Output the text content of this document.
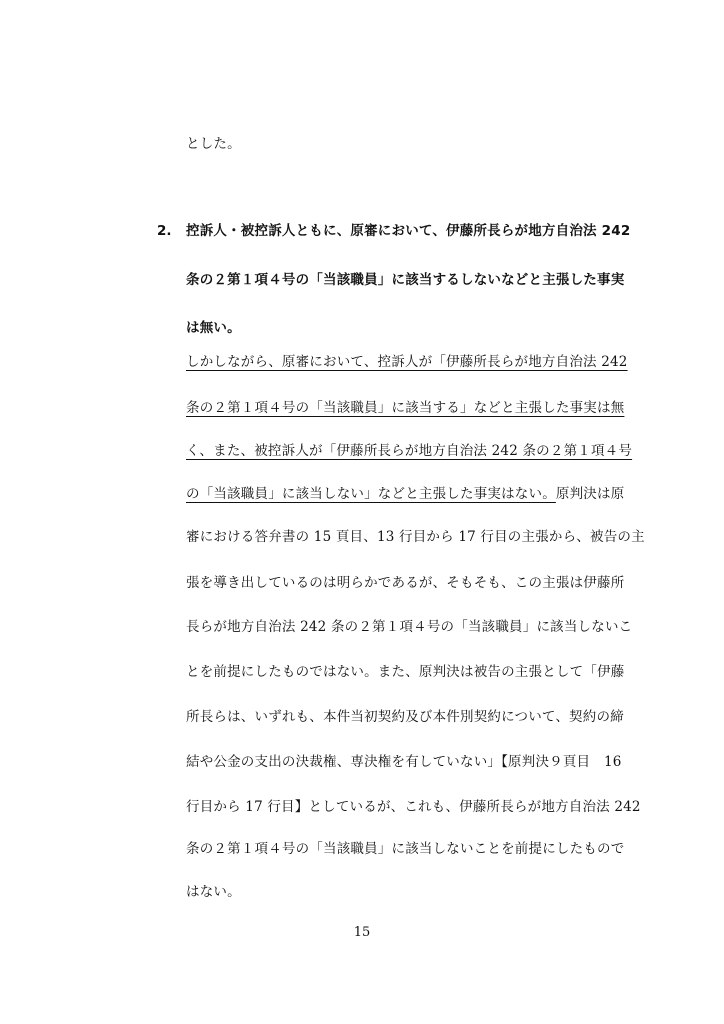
とした。
2. 控訴人・被控訴人ともに、原審において、伊藤所長らが地方自治法 242
条の２第１項４号の「当該職員」に該当するしないなどと主張した事実
は無い。
しかしながら、原審において、控訴人が「伊藤所長らが地方自治法 242
条の２第１項４号の「当該職員」に該当する」などと主張した事実は無
く、また、被控訴人が「伊藤所長らが地方自治法 242 条の２第１項４号
の「当該職員」に該当しない」などと主張した事実はない。原判決は原
審における答弁書の 15 頁目、13 行目から 17 行目の主張から、被告の主
張を導き出しているのは明らかであるが、そもそも、この主張は伊藤所
長らが地方自治法 242 条の２第１項４号の「当該職員」に該当しないこ
とを前提にしたものではない。また、原判決は被告の主張として「伊藤
所長らは、いずれも、本件当初契約及び本件別契約について、契約の締
結や公金の支出の決裁権、専決権を有していない」【原判決９頁目　16
行目から 17 行目】としているが、これも、伊藤所長らが地方自治法 242
条の２第１項４号の「当該職員」に該当しないことを前提にしたもので
はない。
15
